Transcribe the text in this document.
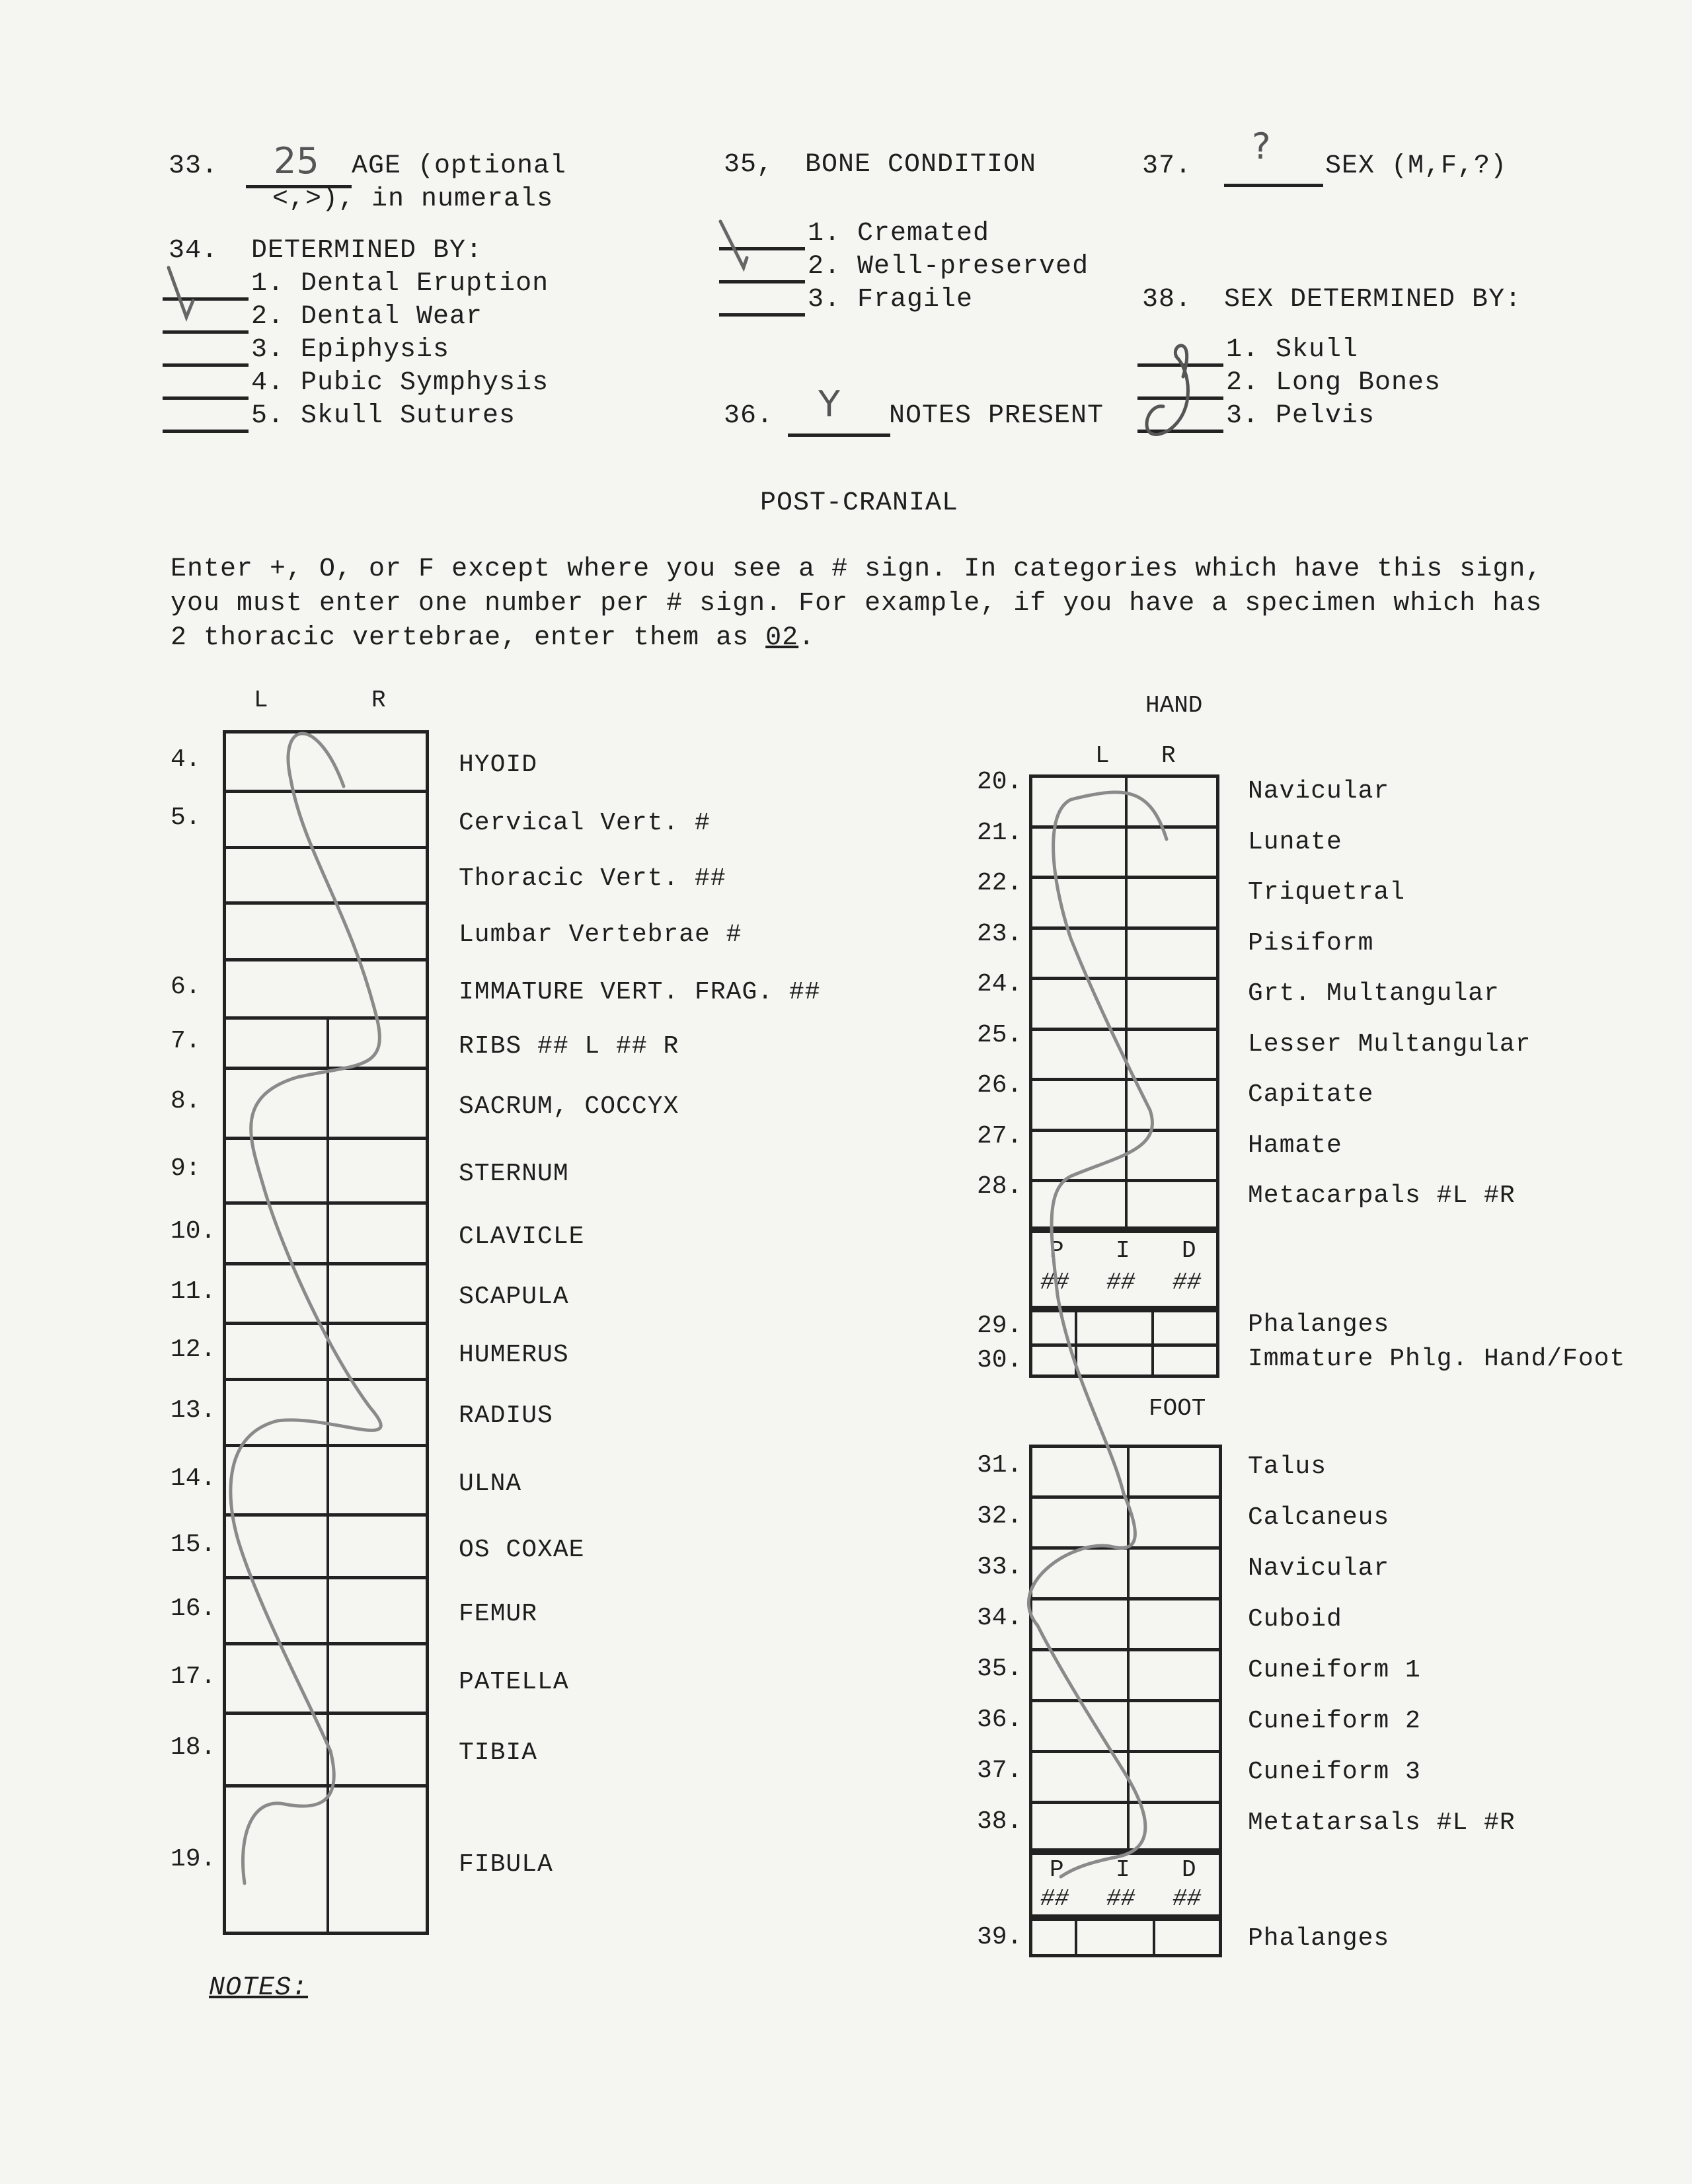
33. 25 AGE (optional
<,>), in numerals
34. DETERMINED BY:
1. Dental Eruption
2. Dental Wear
3. Epiphysis
4. Pubic Symphysis
5. Skull Sutures
35, BONE CONDITION
1. Cremated
2. Well-preserved
3. Fragile
36. Y NOTES PRESENT
37. ? SEX (M,F,?)
38. SEX DETERMINED BY:
1. Skull
2. Long Bones
3. Pelvis
POST-CRANIAL
Enter +, O, or F except where you see a # sign. In categories which have this sign,
you must enter one number per # sign. For example, if you have a specimen which has
2 thoracic vertebrae, enter them as 02.
L	R
4.	HYOID
5.	Cervical Vert. #
Thoracic Vert. ##
Lumbar Vertebrae #
6.	IMMATURE VERT. FRAG. ##
7.	RIBS ## L ## R
8.	SACRUM, COCCYX
9:	STERNUM
10.	CLAVICLE
11.	SCAPULA
12.	HUMERUS
13.	RADIUS
14.	ULNA
15.	OS COXAE
16.	FEMUR
17.	PATELLA
18.	TIBIA
19.	FIBULA
HAND
L R
20.	Navicular
21.	Lunate
22.	Triquetral
23.	Pisiform
24.	Grt. Multangular
25.	Lesser Multangular
26.	Capitate
27.	Hamate
28.	Metacarpals #L #R
P
##
I
##
D
##
29.	Phalanges
30.	Immature Phlg. Hand/Foot
FOOT
31.	Talus
32.	Calcaneus
33.	Navicular
34.	Cuboid
35.	Cuneiform 1
36.	Cuneiform 2
37.	Cuneiform 3
38.	Metatarsals #L #R
P
##
I
##
D
##
39.	Phalanges
NOTES:
